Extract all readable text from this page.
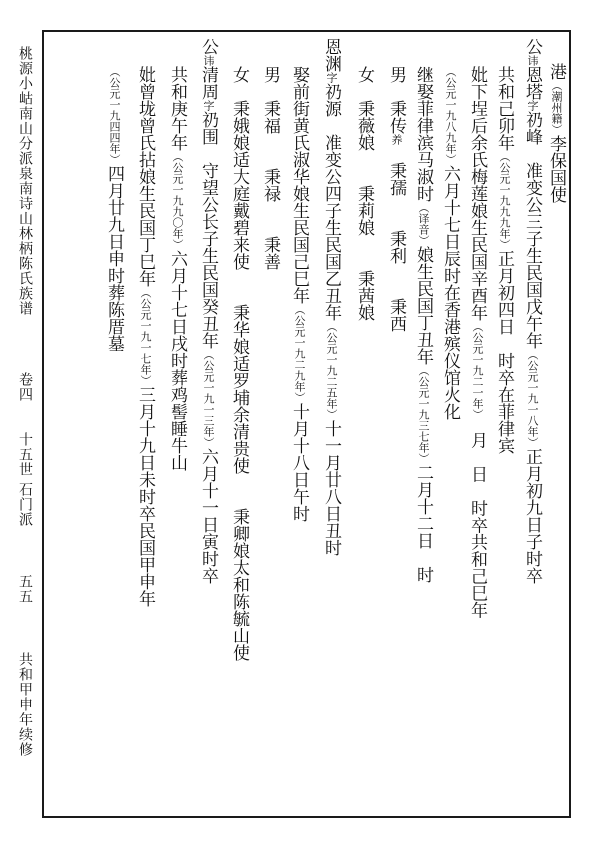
桃源小岵南山分派泉南诗山林柄陈氏族谱
卷四
十五世
石门派
五五
共和甲申年续修
港（潮州籍）李保国使
公讳恩塔字礽峰　准变公三子生民国戊午年（公元一九一八年）正月初九日子时卒
共和己卯年（公元一九九九年）正月初四日　时卒在菲律宾
妣下埕后余氏梅莲娘生民国辛酉年（公元一九二一年）　月　日　时卒共和己巳年
（公元一九八九年）六月十七日辰时在香港殡仪馆火化
继娶菲律滨马淑时（译音）娘生民国丁丑年（公元一九三七年）二月十二日　时
男　秉传养　秉孺　　秉利　　秉西
女　秉薇娘　　秉莉娘　　秉茜娘
恩渊字礽源　准变公四子生民国乙丑年（公元一九二五年）十一月廿八日丑时
娶前街黄氏淑华娘生民国己巳年（公元一九二九年）十月十八日午时
男　秉福　　秉禄　　秉善
女　秉娥娘适大庭戴碧来使　　秉华娘适罗埔余清贵使　　秉卿娘太和陈毓山使
公讳清周字礽围　守望公长子生民国癸丑年（公元一九一三年）六月十一日寅时卒
共和庚午年（公元一九九〇年）六月十七日戌时葬鸡髻睡牛山
妣曾垅曾氏拈娘生民国丁巳年（公元一九一七年）三月十九日未时卒民国甲申年
（公元一九四四年）四月廿九日申时葬陈厝墓
